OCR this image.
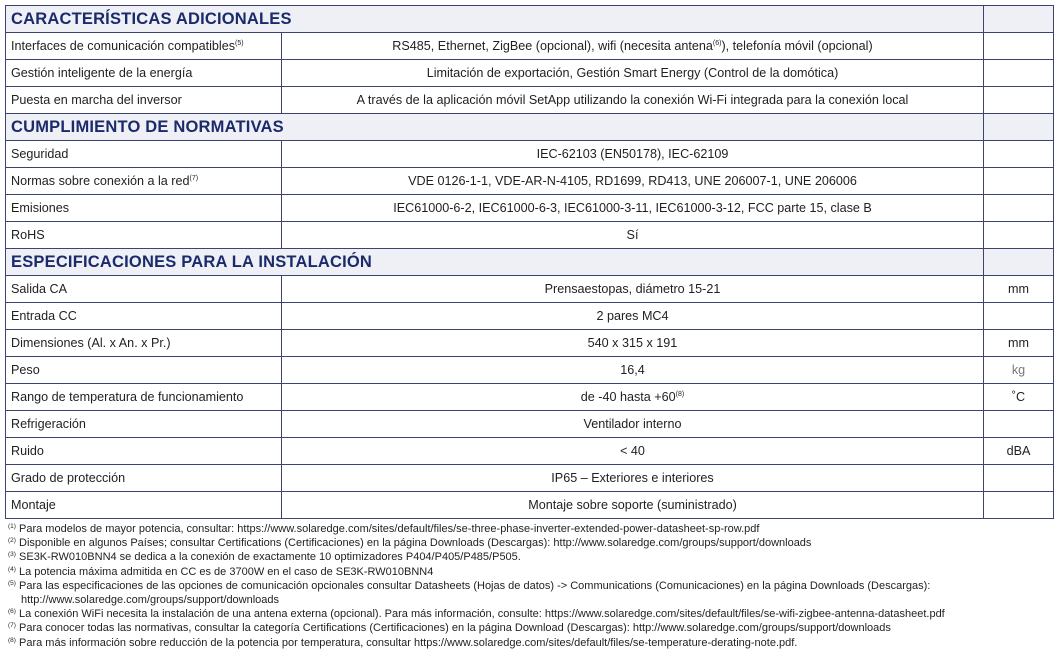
CARACTERÍSTICAS ADICIONALES		
Interfaces de comunicación compatibles$^{(5)}$	RS485, Ethernet, ZigBee (opcional), wifi (necesita antena$^{(6)}$), telefonía móvil (opcional)	
Gestión inteligente de la energía	Limitación de exportación, Gestión Smart Energy (Control de la domótica)	
Puesta en marcha del inversor	A través de la aplicación móvil SetApp utilizando la conexión Wi-Fi integrada para la conexión local	
CUMPLIMIENTO DE NORMATIVAS		
Seguridad	IEC-62103 (EN50178), IEC-62109	
Normas sobre conexión a la red$^{(7)}$	VDE 0126-1-1, VDE-AR-N-4105, RD1699, RD413, UNE 206007-1, UNE 206006	
Emisiones	IEC61000-6-2, IEC61000-6-3, IEC61000-3-11, IEC61000-3-12, FCC parte 15, clase B	
RoHS	Sí	
ESPECIFICACIONES PARA LA INSTALACIÓN		
Salida CA	Prensaestopas, diámetro 15-21	mm
Entrada CC	2 pares MC4	
Dimensiones (Al. x An. x Pr.)	540 x 315 x 191	mm
Peso	16,4	kg
Rango de temperatura de funcionamiento	de -40 hasta $+60^{(8)}$	˚C
Refrigeración	Ventilador interno	
Ruido	< 40	dBA
Grado de protección	IP65 – Exteriores e interiores	
Montaje	Montaje sobre soporte (suministrado)	
$^{(1)}$ Para modelos de mayor potencia, consultar: https://www.solaredge.com/sites/default/files/se-three-phase-inverter-extended-power-datasheet-sp-row.pdf
$^{(2)}$ Disponible en algunos Países; consultar Certifications (Certificaciones) en la página Downloads (Descargas): http://www.solaredge.com/groups/support/downloads
$^{(3)}$ SE3K-RW010BNN4 se dedica a la conexión de exactamente 10 optimizadores P404/P405/P485/P505.
$^{(4)}$ La potencia máxima admitida en CC es de 3700W en el caso de SE3K-RW010BNN4
$^{(5)}$ Para las especificaciones de las opciones de comunicación opcionales consultar Datasheets (Hojas de datos) -> Communications (Comunicaciones) en la página Downloads (Descargas):
http://www.solaredge.com/groups/support/downloads
$^{(6)}$ La conexión WiFi necesita la instalación de una antena externa (opcional). Para más información, consulte: https://www.solaredge.com/sites/default/files/se-wifi-zigbee-antenna-datasheet.pdf
$^{(7)}$ Para conocer todas las normativas, consultar la categoría Certifications (Certificaciones) en la página Download (Descargas): http://www.solaredge.com/groups/support/downloads
$^{(8)}$ Para más información sobre reducción de la potencia por temperatura, consultar https://www.solaredge.com/sites/default/files/se-temperature-derating-note.pdf.
